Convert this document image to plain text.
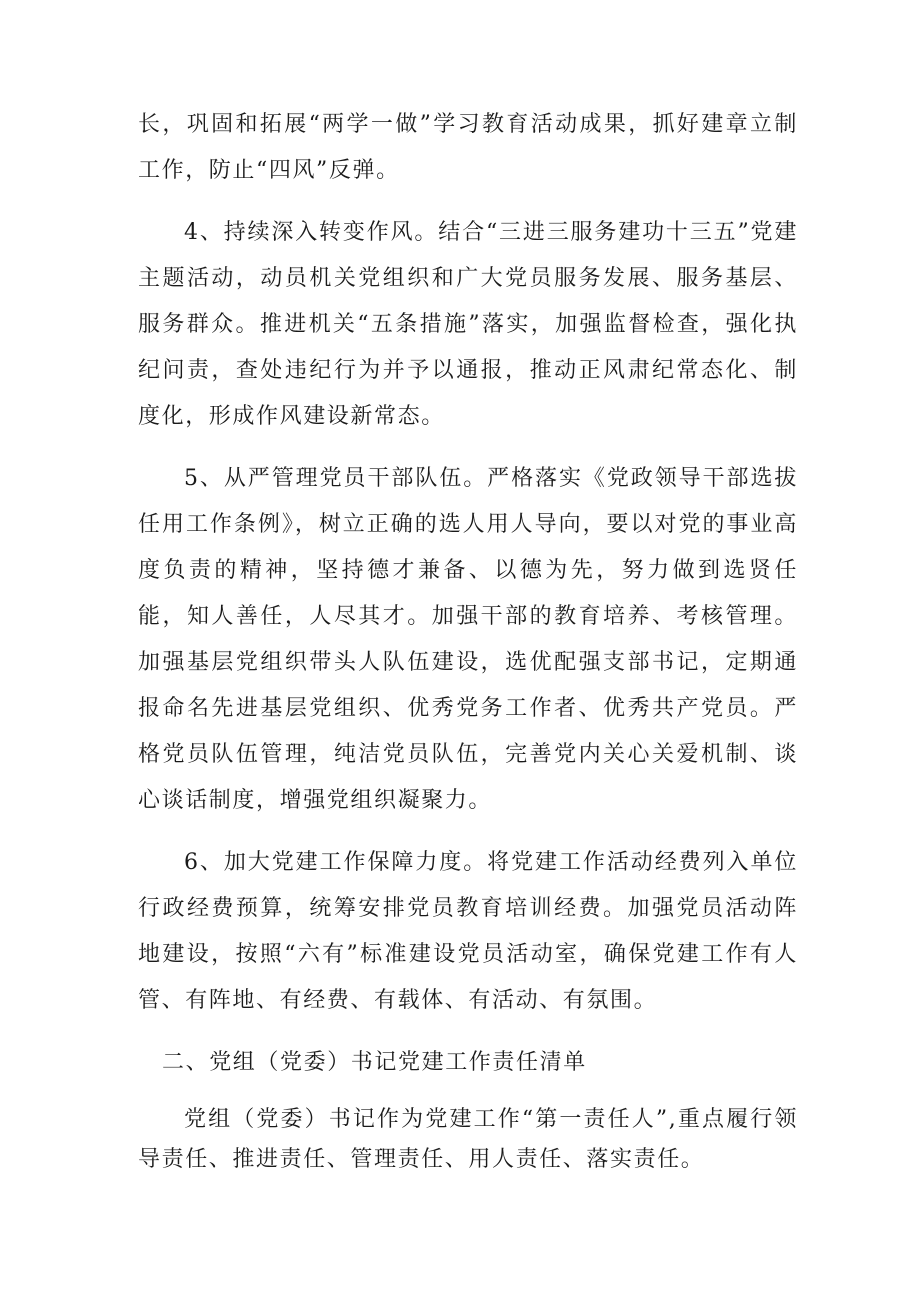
长，巩固和拓展“两学一做”学习教育活动成果，抓好建章立制工作，防止“四风”反弹。

4、持续深入转变作风。结合“三进三服务建功十三五”党建主题活动，动员机关党组织和广大党员服务发展、服务基层、服务群众。推进机关“五条措施”落实，加强监督检查，强化执纪问责，查处违纪行为并予以通报，推动正风肃纪常态化、制度化，形成作风建设新常态。

5、从严管理党员干部队伍。严格落实《党政领导干部选拔任用工作条例》，树立正确的选人用人导向，要以对党的事业高度负责的精神，坚持德才兼备、以德为先，努力做到选贤任能，知人善任，人尽其才。加强干部的教育培养、考核管理。加强基层党组织带头人队伍建设，选优配强支部书记，定期通报命名先进基层党组织、优秀党务工作者、优秀共产党员。严格党员队伍管理，纯洁党员队伍，完善党内关心关爱机制、谈心谈话制度，增强党组织凝聚力。

6、加大党建工作保障力度。将党建工作活动经费列入单位行政经费预算，统筹安排党员教育培训经费。加强党员活动阵地建设，按照“六有”标准建设党员活动室，确保党建工作有人管、有阵地、有经费、有载体、有活动、有氛围。

二、党组（党委）书记党建工作责任清单

党组（党委）书记作为党建工作“第一责任人”,重点履行领导责任、推进责任、管理责任、用人责任、落实责任。
